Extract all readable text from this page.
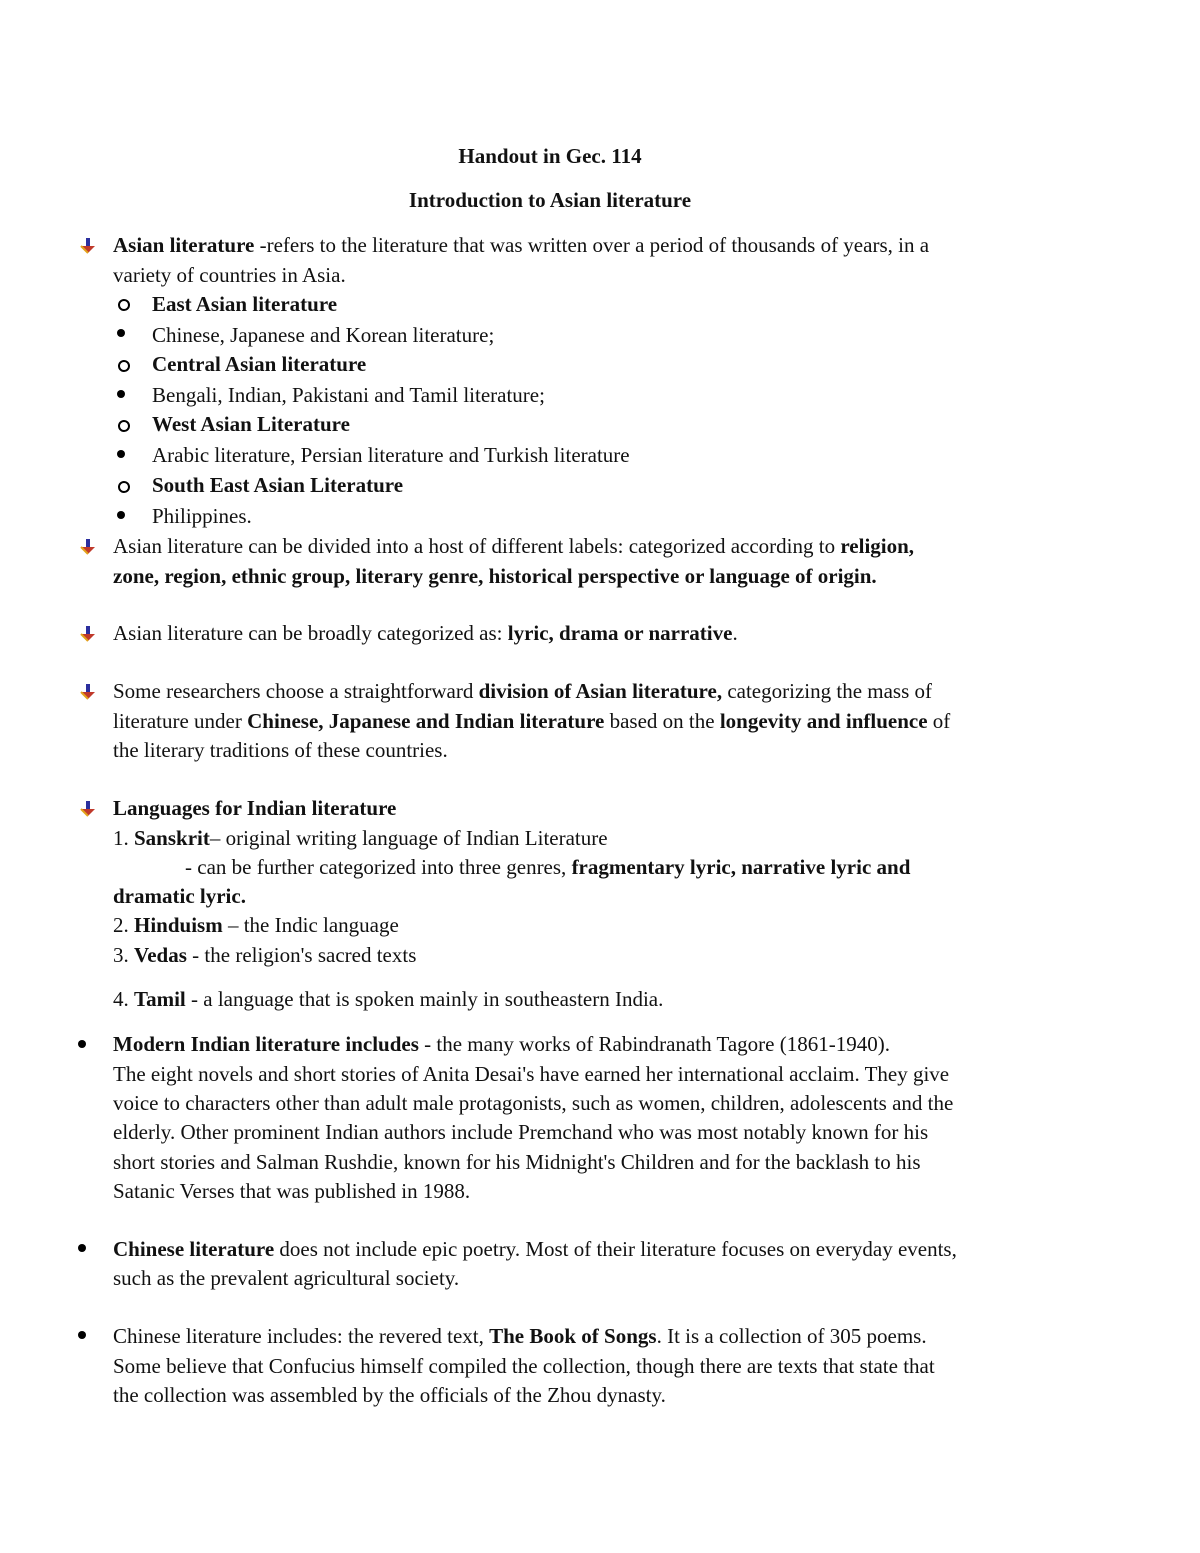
Handout in Gec. 114
Introduction to Asian literature
Asian literature -refers to the literature that was written over a period of thousands of years, in a
variety of countries in Asia.
East Asian literature
Chinese, Japanese and Korean literature;
Central Asian literature
Bengali, Indian, Pakistani and Tamil literature;
West Asian Literature
Arabic literature, Persian literature and Turkish literature
South East Asian Literature
Philippines.
Asian literature can be divided into a host of different labels: categorized according to religion,
zone, region, ethnic group, literary genre, historical perspective or language of origin.
Asian literature can be broadly categorized as: lyric, drama or narrative.
Some researchers choose a straightforward division of Asian literature, categorizing the mass of
literature under Chinese, Japanese and Indian literature based on the longevity and influence of
the literary traditions of these countries.
Languages for Indian literature
1. Sanskrit– original writing language of Indian Literature
- can be further categorized into three genres, fragmentary lyric, narrative lyric and
dramatic lyric.
2. Hinduism – the Indic language
3. Vedas - the religion's sacred texts
4. Tamil - a language that is spoken mainly in southeastern India.
Modern Indian literature includes - the many works of Rabindranath Tagore (1861-1940).
The eight novels and short stories of Anita Desai's have earned her international acclaim. They give
voice to characters other than adult male protagonists, such as women, children, adolescents and the
elderly. Other prominent Indian authors include Premchand who was most notably known for his
short stories and Salman Rushdie, known for his Midnight's Children and for the backlash to his
Satanic Verses that was published in 1988.
Chinese literature does not include epic poetry. Most of their literature focuses on everyday events,
such as the prevalent agricultural society.
Chinese literature includes: the revered text, The Book of Songs. It is a collection of 305 poems.
Some believe that Confucius himself compiled the collection, though there are texts that state that
the collection was assembled by the officials of the Zhou dynasty.
